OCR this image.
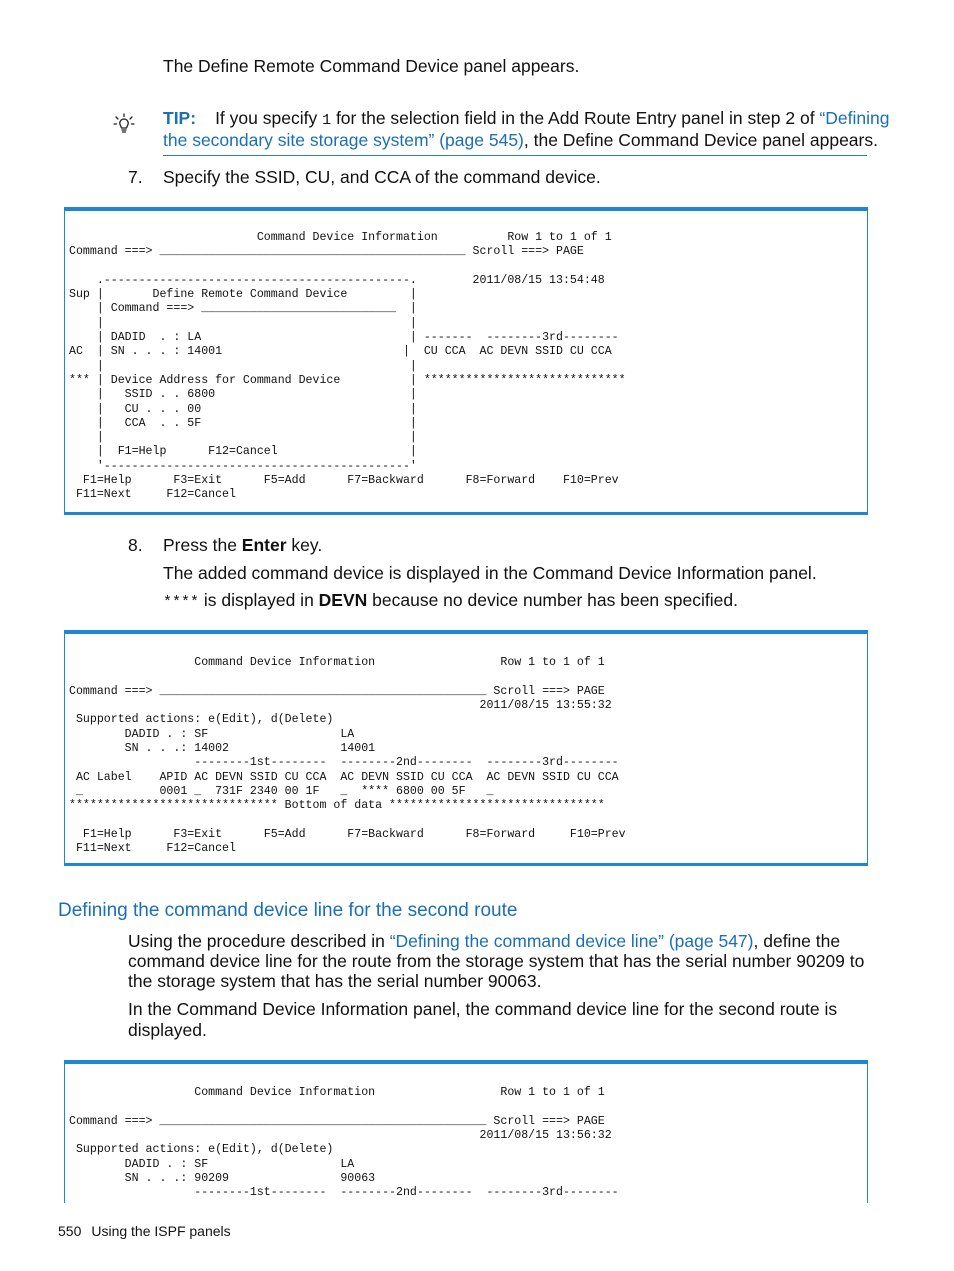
The Define Remote Command Device panel appears.
TIP: If you specify 1 for the selection field in the Add Route Entry panel in step 2 of “Defining
the secondary site storage system” (page 545), the Define Command Device panel appears.
7. Specify the SSID, CU, and CCA of the command device.
Command Device Information          Row 1 to 1 of 1
Command ===> ____________________________________________ Scroll ===> PAGE

.--------------------------------------------.        2011/08/15 13:54:48
Sup |       Define Remote Command Device         |
| Command ===> ____________________________  |
|                                            |
| DADID  . : LA                              | -------  --------3rd--------
AC  | SN . . . : 14001                          |  CU CCA  AC DEVN SSID CU CCA
|                                            |
*** | Device Address for Command Device          | *****************************
|   SSID . . 6800                            |
|   CU . . . 00                              |
|   CCA  . . 5F                              |
|                                            |
|  F1=Help      F12=Cancel                   |
'--------------------------------------------'
F1=Help      F3=Exit      F5=Add      F7=Backward      F8=Forward    F10=Prev
F11=Next     F12=Cancel

8. Press the Enter key.
The added command device is displayed in the Command Device Information panel.
**** is displayed in DEVN because no device number has been specified.

Command Device Information                  Row 1 to 1 of 1

Command ===> _______________________________________________ Scroll ===> PAGE
2011/08/15 13:55:32
Supported actions: e(Edit), d(Delete)
DADID . : SF                   LA
SN . . .: 14002                14001
--------1st--------  --------2nd--------  --------3rd--------
AC Label    APID AC DEVN SSID CU CCA  AC DEVN SSID CU CCA  AC DEVN SSID CU CCA
_           0001 _  731F 2340 00 1F   _  **** 6800 00 5F   _
****************************** Bottom of data *******************************

F1=Help      F3=Exit      F5=Add      F7=Backward      F8=Forward     F10=Prev
F11=Next     F12=Cancel

Defining the command device line for the second route
Using the procedure described in “Defining the command device line” (page 547), define the
command device line for the route from the storage system that has the serial number 90209 to
the storage system that has the serial number 90063.
In the Command Device Information panel, the command device line for the second route is
displayed.

Command Device Information                  Row 1 to 1 of 1

Command ===> _______________________________________________ Scroll ===> PAGE
2011/08/15 13:56:32
Supported actions: e(Edit), d(Delete)
DADID . : SF                   LA
SN . . .: 90209                90063
--------1st--------  --------2nd--------  --------3rd--------

550 Using the ISPF panels
